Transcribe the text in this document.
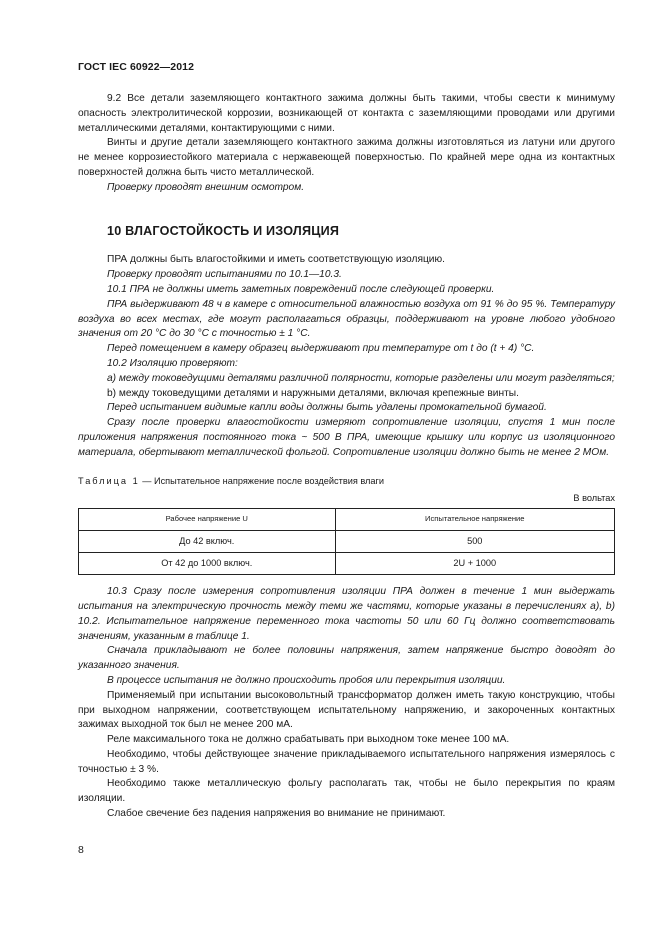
ГОСТ IEC 60922—2012

9.2 Все детали заземляющего контактного зажима должны быть такими, чтобы свести к минимуму опасность электролитической коррозии, возникающей от контакта с заземляющими проводами или другими металлическими деталями, контактирующими с ними.

Винты и другие детали заземляющего контактного зажима должны изготовляться из латуни или другого не менее коррозиестойкого материала с нержавеющей поверхностью. По крайней мере одна из контактных поверхностей должна быть чисто металлической.

Проверку проводят внешним осмотром.

10 ВЛАГОСТОЙКОСТЬ И ИЗОЛЯЦИЯ

ПРА должны быть влагостойкими и иметь соответствующую изоляцию.

Проверку проводят испытаниями по 10.1—10.3.

10.1 ПРА не должны иметь заметных повреждений после следующей проверки.

ПРА выдерживают 48 ч в камере с относительной влажностью воздуха от 91 % до 95 %. Температуру воздуха во всех местах, где могут располагаться образцы, поддерживают на уровне любого удобного значения от 20 °С до 30 °С с точностью ± 1 °С.

Перед помещением в камеру образец выдерживают при температуре от t до (t + 4) °С.

10.2 Изоляцию проверяют:

а) между токоведущими деталями различной полярности, которые разделены или могут разделяться;

b) между токоведущими деталями и наружными деталями, включая крепежные винты.

Перед испытанием видимые капли воды должны быть удалены промокательной бумагой.

Сразу после проверки влагостойкости измеряют сопротивление изоляции, спустя 1 мин после приложения напряжения постоянного тока ~ 500 В ПРА, имеющие крышку или корпус из изоляционного материала, обертывают металлической фольгой. Сопротивление изоляции должно быть не менее 2 МОм.

Таблица 1 — Испытательное напряжение после воздействия влаги
В вольтах
Рабочее напряжение U	Испытательное напряжение
До 42 включ.	500
От 42 до 1000 включ.	2U + 1000

10.3 Сразу после измерения сопротивления изоляции ПРА должен в течение 1 мин выдержать испытания на электрическую прочность между теми же частями, которые указаны в перечислениях а), b) 10.2. Испытательное напряжение переменного тока частоты 50 или 60 Гц должно соответствовать значениям, указанным в таблице 1.

Сначала прикладывают не более половины напряжения, затем напряжение быстро доводят до указанного значения.

В процессе испытания не должно происходить пробоя или перекрытия изоляции.

Применяемый при испытании высоковольтный трансформатор должен иметь такую конструкцию, чтобы при выходном напряжении, соответствующем испытательному напряжению, и закороченных контактных зажимах выходной ток был не менее 200 мА.

Реле максимального тока не должно срабатывать при выходном токе менее 100 мА.

Необходимо, чтобы действующее значение прикладываемого испытательного напряжения измерялось с точностью ± 3 %.

Необходимо также металлическую фольгу располагать так, чтобы не было перекрытия по краям изоляции.

Слабое свечение без падения напряжения во внимание не принимают.

8
